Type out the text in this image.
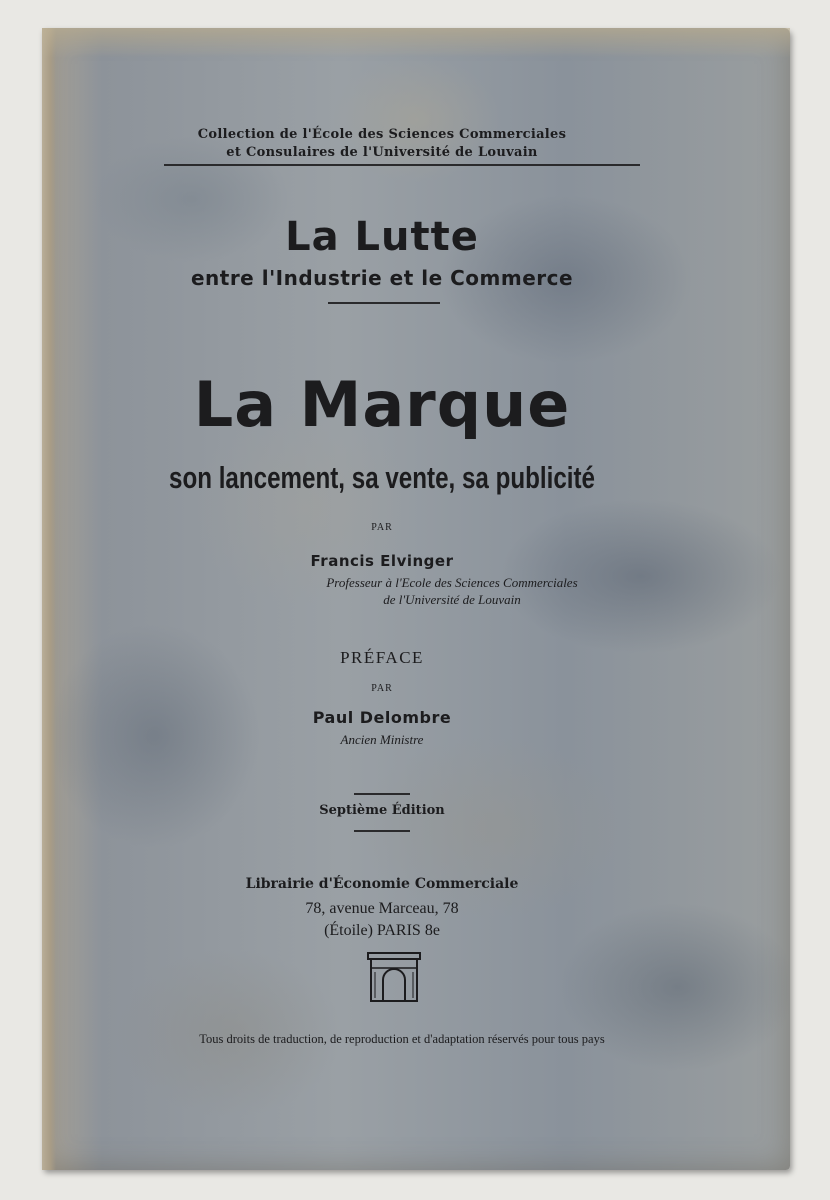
Collection de l'École des Sciences Commerciales
et Consulaires de l'Université de Louvain
La Lutte
entre l'Industrie et le Commerce
La Marque
son lancement, sa vente, sa publicité
PAR
Francis Elvinger
Professeur à l'Ecole des Sciences Commerciales
de l'Université de Louvain
PRÉFACE
PAR
Paul Delombre
Ancien Ministre
Septième Édition
Librairie d'Économie Commerciale
78, avenue Marceau, 78
(Étoile) PARIS 8e
Tous droits de traduction, de reproduction et d'adaptation réservés pour tous pays
